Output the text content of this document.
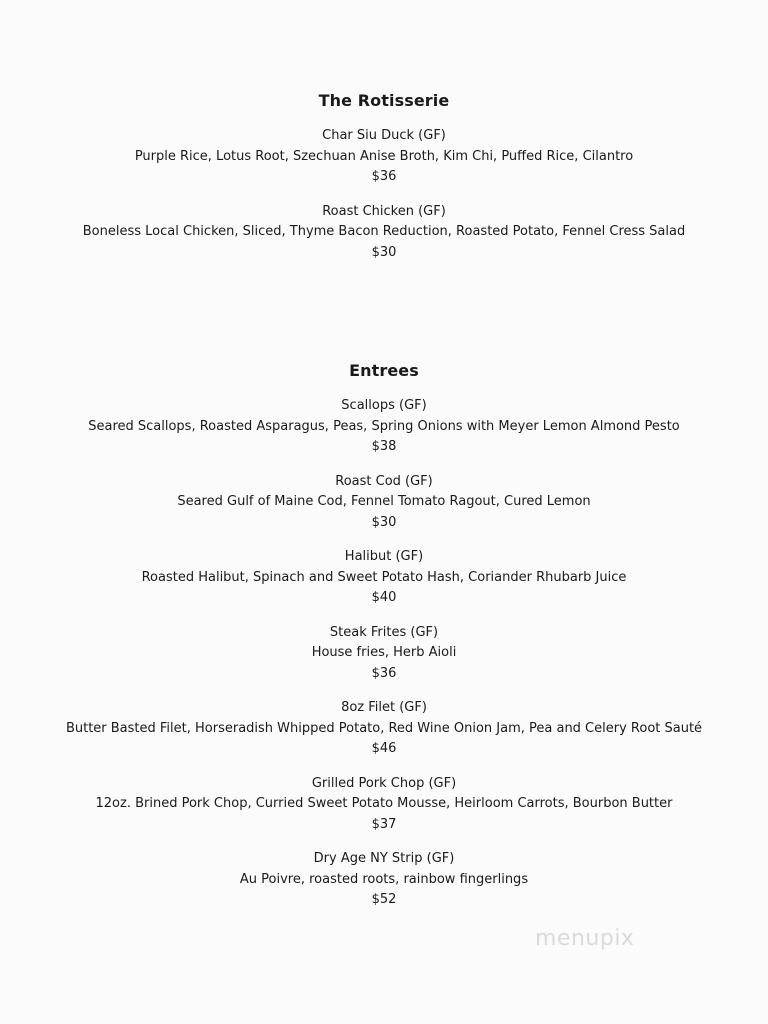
The Rotisserie

Char Siu Duck (GF)

Purple Rice, Lotus Root, Szechuan Anise Broth, Kim Chi, Puffed Rice, Cilantro

$36

Roast Chicken (GF)

Boneless Local Chicken, Sliced, Thyme Bacon Reduction, Roasted Potato, Fennel Cress Salad

$30

Entrees

Scallops (GF)

Seared Scallops, Roasted Asparagus, Peas, Spring Onions with Meyer Lemon Almond Pesto

$38

Roast Cod (GF)

Seared Gulf of Maine Cod, Fennel Tomato Ragout, Cured Lemon

$30

Halibut (GF)

Roasted Halibut, Spinach and Sweet Potato Hash, Coriander Rhubarb Juice

$40

Steak Frites (GF)

House fries, Herb Aioli

$36

8oz Filet (GF)

Butter Basted Filet, Horseradish Whipped Potato, Red Wine Onion Jam, Pea and Celery Root Sauté

$46

Grilled Pork Chop (GF)

12oz. Brined Pork Chop, Curried Sweet Potato Mousse, Heirloom Carrots, Bourbon Butter

$37

Dry Age NY Strip (GF)

Au Poivre, roasted roots, rainbow fingerlings

$52

menupix
